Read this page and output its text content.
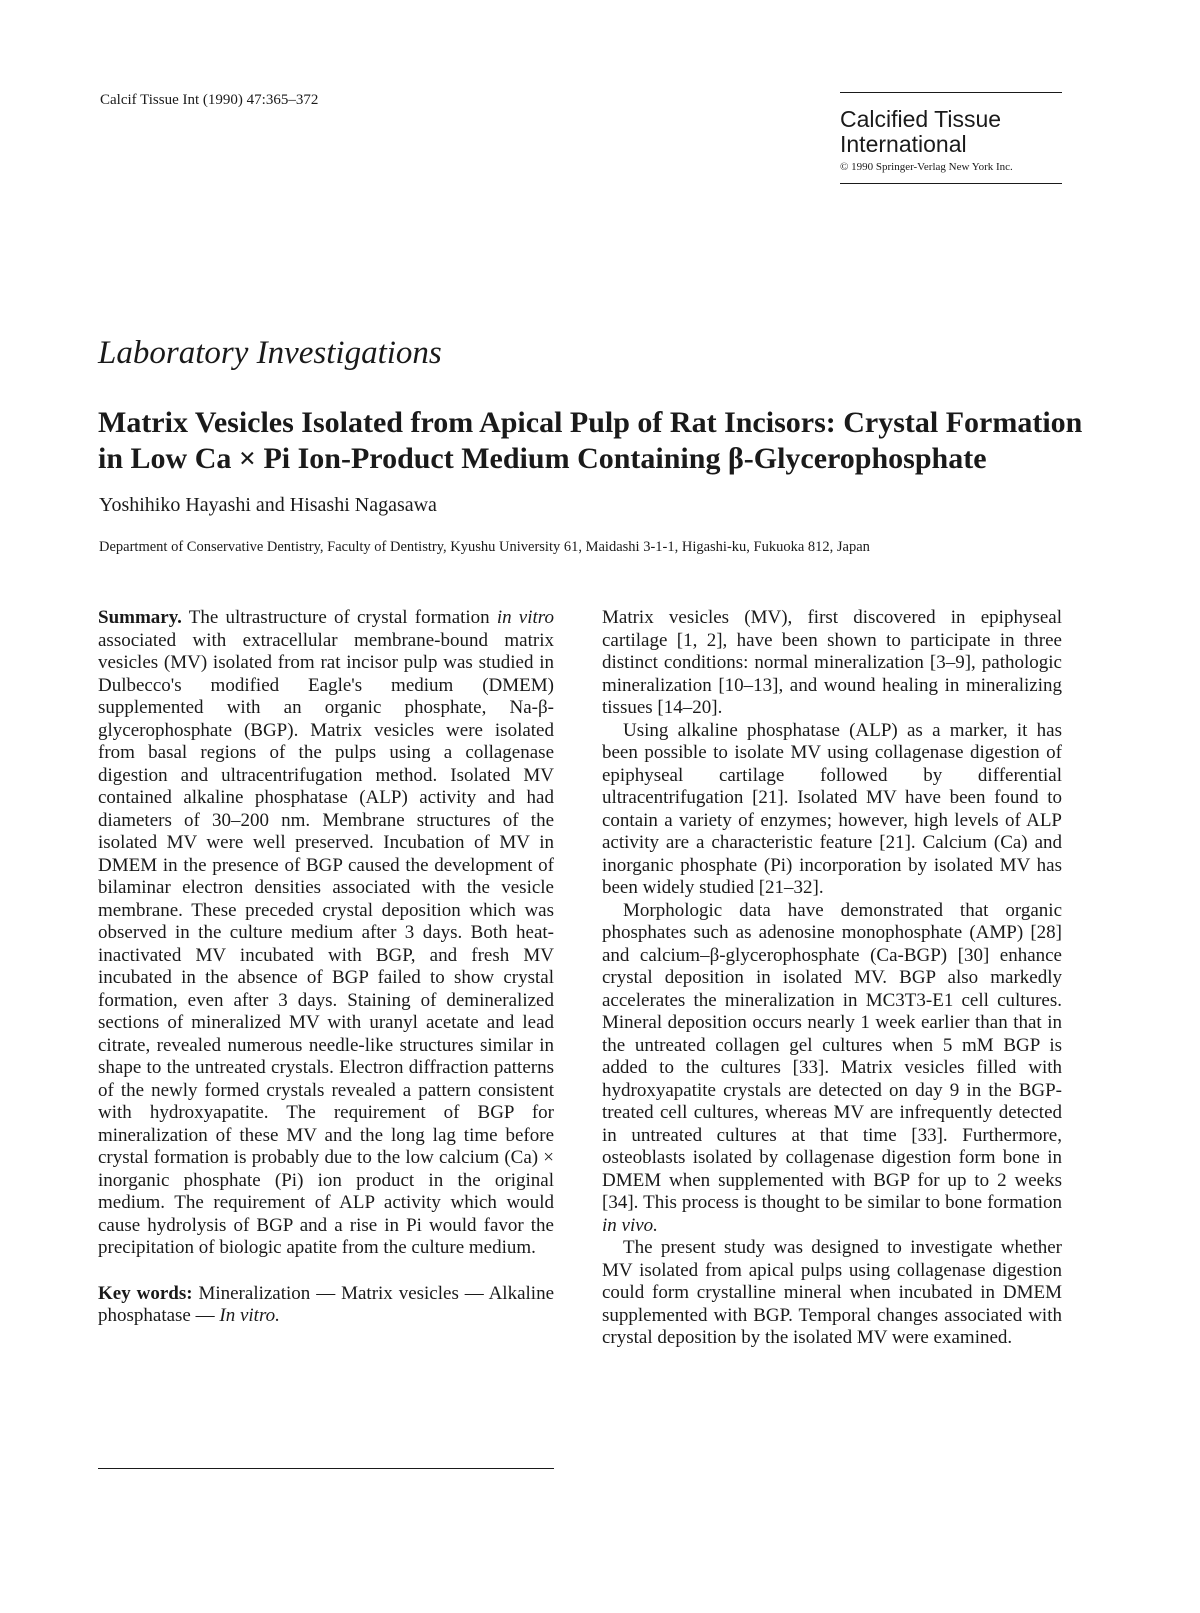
Calcif Tissue Int (1990) 47:365–372
Calcified Tissue
International
© 1990 Springer-Verlag New York Inc.
Laboratory Investigations
Matrix Vesicles Isolated from Apical Pulp of Rat Incisors: Crystal Formation
in Low Ca × Pi Ion-Product Medium Containing β-Glycerophosphate
Yoshihiko Hayashi and Hisashi Nagasawa
Department of Conservative Dentistry, Faculty of Dentistry, Kyushu University 61, Maidashi 3-1-1, Higashi-ku, Fukuoka 812, Japan

Summary. The ultrastructure of crystal formation in vitro associated with extracellular membrane-bound matrix vesicles (MV) isolated from rat incisor pulp was studied in Dulbecco's modified Eagle's medium (DMEM) supplemented with an organic phosphate, Na-β-glycerophosphate (BGP). Matrix vesicles were isolated from basal regions of the pulps using a collagenase digestion and ultracentrifugation method. Isolated MV contained alkaline phosphatase (ALP) activity and had diameters of 30–200 nm. Membrane structures of the isolated MV were well preserved. Incubation of MV in DMEM in the presence of BGP caused the development of bilaminar electron densities associated with the vesicle membrane. These preceded crystal deposition which was observed in the culture medium after 3 days. Both heat-inactivated MV incubated with BGP, and fresh MV incubated in the absence of BGP failed to show crystal formation, even after 3 days. Staining of demineralized sections of mineralized MV with uranyl acetate and lead citrate, revealed numerous needle-like structures similar in shape to the untreated crystals. Electron diffraction patterns of the newly formed crystals revealed a pattern consistent with hydroxyapatite. The requirement of BGP for mineralization of these MV and the long lag time before crystal formation is probably due to the low calcium (Ca) × inorganic phosphate (Pi) ion product in the original medium. The requirement of ALP activity which would cause hydrolysis of BGP and a rise in Pi would favor the precipitation of biologic apatite from the culture medium.

Key words: Mineralization — Matrix vesicles — Alkaline phosphatase — In vitro.

Matrix vesicles (MV), first discovered in epiphyseal cartilage [1, 2], have been shown to participate in three distinct conditions: normal mineralization [3–9], pathologic mineralization [10–13], and wound healing in mineralizing tissues [14–20].

Using alkaline phosphatase (ALP) as a marker, it has been possible to isolate MV using collagenase digestion of epiphyseal cartilage followed by differential ultracentrifugation [21]. Isolated MV have been found to contain a variety of enzymes; however, high levels of ALP activity are a characteristic feature [21]. Calcium (Ca) and inorganic phosphate (Pi) incorporation by isolated MV has been widely studied [21–32].

Morphologic data have demonstrated that organic phosphates such as adenosine monophosphate (AMP) [28] and calcium–β-glycerophosphate (Ca-BGP) [30] enhance crystal deposition in isolated MV. BGP also markedly accelerates the mineralization in MC3T3-E1 cell cultures. Mineral deposition occurs nearly 1 week earlier than that in the untreated collagen gel cultures when 5 mM BGP is added to the cultures [33]. Matrix vesicles filled with hydroxyapatite crystals are detected on day 9 in the BGP-treated cell cultures, whereas MV are infrequently detected in untreated cultures at that time [33]. Furthermore, osteoblasts isolated by collagenase digestion form bone in DMEM when supplemented with BGP for up to 2 weeks [34]. This process is thought to be similar to bone formation in vivo.

The present study was designed to investigate whether MV isolated from apical pulps using collagenase digestion could form crystalline mineral when incubated in DMEM supplemented with BGP. Temporal changes associated with crystal deposition by the isolated MV were examined.
